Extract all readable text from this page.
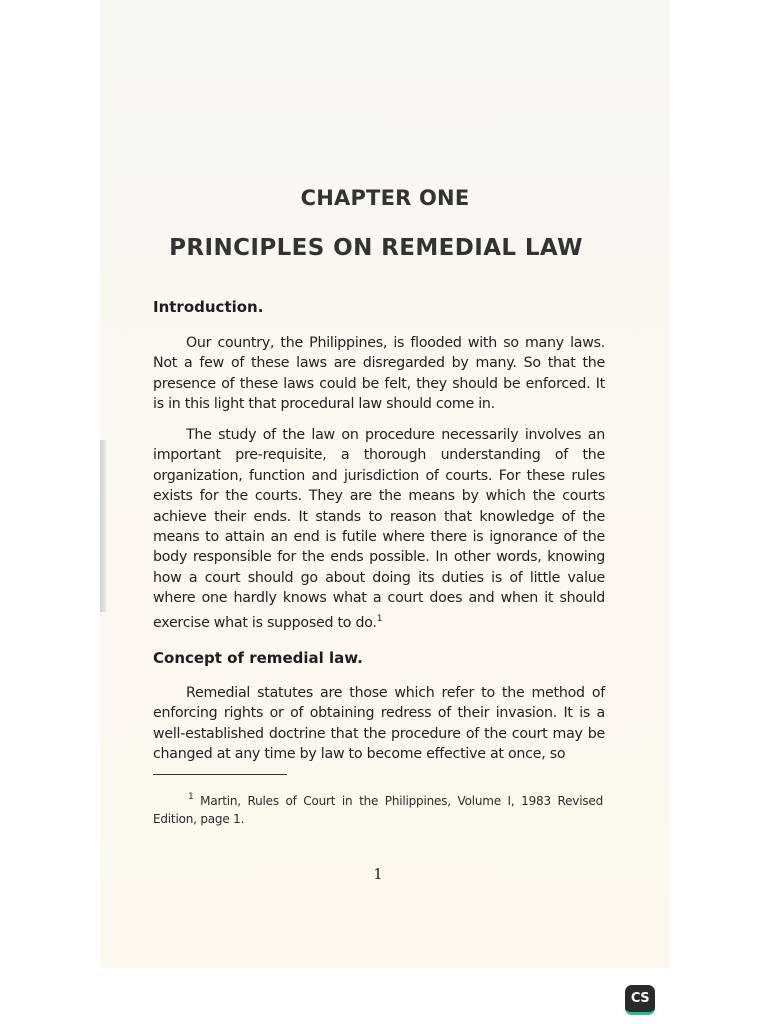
CHAPTER ONE
PRINCIPLES ON REMEDIAL LAW
Introduction.

Our country, the Philippines, is flooded with so many laws. Not a few of these laws are disregarded by many. So that the presence of these laws could be felt, they should be enforced. It is in this light that procedural law should come in.

The study of the law on procedure necessarily involves an important pre-requisite, a thorough understanding of the organization, function and jurisdiction of courts. For these rules exists for the courts. They are the means by which the courts achieve their ends. It stands to reason that knowledge of the means to attain an end is futile where there is ignorance of the body responsible for the ends possible. In other words, knowing how a court should go about doing its duties is of little value where one hardly knows what a court does and when it should exercise what is supposed to do.$^1$

Concept of remedial law.

Remedial statutes are those which refer to the method of enforcing rights or of obtaining redress of their invasion. It is a well-established doctrine that the procedure of the court may be changed at any time by law to become effective at once, so

$^1$ Martin, Rules of Court in the Philippines, Volume I, 1983 Revised Edition, page 1.
1
CS
